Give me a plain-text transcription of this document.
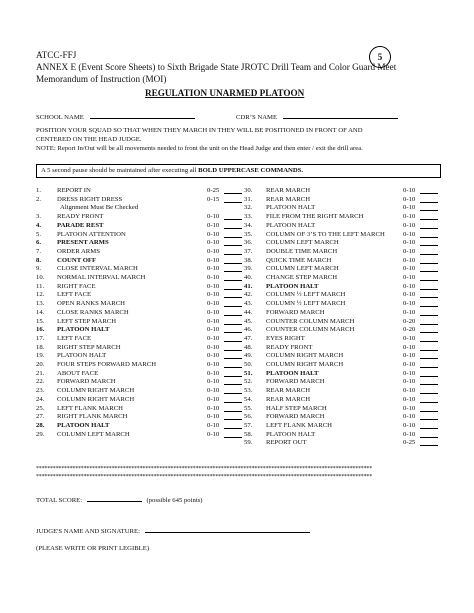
ATCC-FFJ	5
ANNEX E (Event Score Sheets) to Sixth Brigade State JROTC Drill Team and Color Guard Meet
Memorandum of Instruction (MOI)
REGULATION UNARMED PLATOON
SCHOOL NAME	CDR’S NAME
POSITION YOUR SQUAD SO THAT WHEN THEY MARCH IN THEY WILL BE POSITIONED IN FRONT OF AND
CENTERED ON THE HEAD JUDGE.
NOTE: Report In/Out will be all movements needed to front the unit on the Head Judge and then enter / exit the drill area.
A 5 second pause should be maintained after executing all BOLD UPPERCASE COMMANDS.
1. REPORT IN	0-25
2. DRESS RIGHT DRESS	0-15
Alignment Must Be Checked
3. READY FRONT	0-10
4. PARADE REST	0-10
5. PLATOON ATTENTION	0-10
6. PRESENT ARMS	0-10
7. ORDER ARMS	0-10
8. COUNT OFF	0-10
9. CLOSE INTERVAL MARCH	0-10
10. NORMAL INTERVAL MARCH	0-10
11. RIGHT FACE	0-10
12. LEFT FACE	0-10
13. OPEN RANKS MARCH	0-10
14. CLOSE RANKS MARCH	0-10
15. LEFT STEP MARCH	0-10
16. PLATOON HALT	0-10
17. LEFT FACE	0-10
18. RIGHT STEP MARCH	0-10
19. PLATOON HALT	0-10
20. FOUR STEPS FORWARD MARCH	0-10
21. ABOUT FACE	0-10
22. FORWARD MARCH	0-10
23. COLUMN RIGHT MARCH	0-10
24. COLUMN RIGHT MARCH	0-10
25. LEFT FLANK MARCH	0-10
27. RIGHT FLANK MARCH	0-10
28. PLATOON HALT	0-10
29. COLUMN LEFT MARCH	0-10
30. REAR MARCH	0-10
31. REAR MARCH	0-10
32. PLATOON HALT	0-10
33. FILE FROM THE RIGHT MARCH	0-10
34. PLATOON HALT	0-10
35. COLUMN OF 3’S TO THE LEFT MARCH	0-10
36. COLUMN LEFT MARCH	0-10
37. DOUBLE TIME MARCH	0-10
38. QUICK TIME MARCH	0-10
39. COLUMN LEFT MARCH	0-10
40. CHANGE STEP MARCH	0-10
41. PLATOON HALT	0-10
42. COLUMN ½ LEFT MARCH	0-10
43. COLUMN ½ LEFT MARCH	0-10
44. FORWARD MARCH	0-10
45. COUNTER COLUMN MARCH	0-20
46. COUNTER COLUMN MARCH	0-20
47. EYES RIGHT	0-10
48. READY FRONT	0-10
49. COLUMN RIGHT MARCH	0-10
50. COLUMN RIGHT MARCH	0-10
51. PLATOON HALT	0-10
52. FORWARD MARCH	0-10
53. REAR MARCH	0-10
54. REAR MARCH	0-10
55. HALF STEP MARCH	0-10
56. FORWARD MARCH	0-10
57. LEFT FLANK MARCH	0-10
58. PLATOON HALT	0-10
59. REPORT OUT	0-25
************************************************************************************************************************
************************************************************************************************************************
TOTAL SCORE:	(possible 645 points)
JUDGE'S NAME AND SIGNATURE:
(PLEASE WRITE OR PRINT LEGIBLE)
